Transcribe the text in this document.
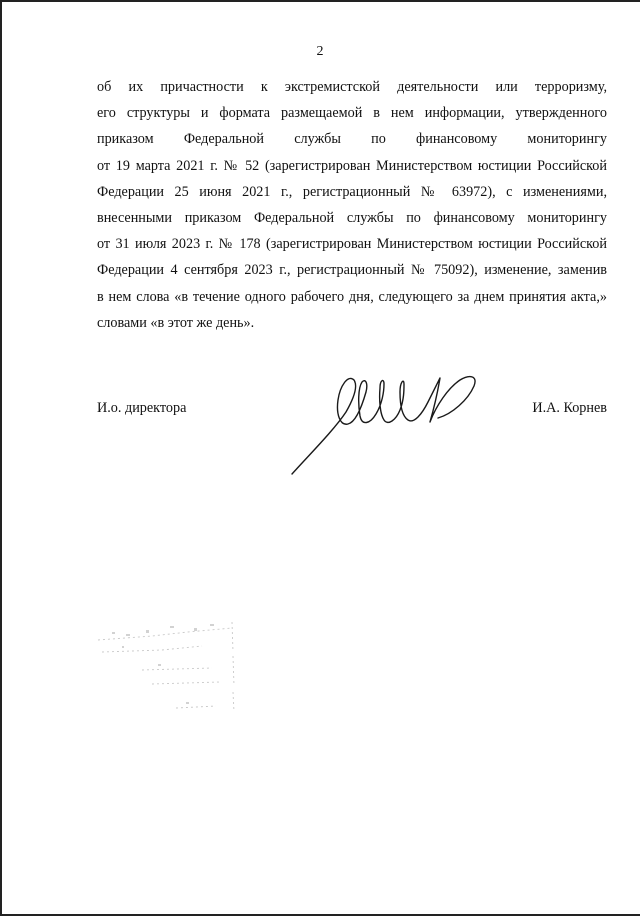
2
об их причастности к экстремистской деятельности или терроризму,
его структуры и формата размещаемой в нем информации, утвержденного
приказом Федеральной службы по финансовому мониторингу
от 19 марта 2021 г. № 52 (зарегистрирован Министерством юстиции Российской
Федерации 25 июня 2021 г., регистрационный № 63972), с изменениями,
внесенными приказом Федеральной службы по финансовому мониторингу
от 31 июля 2023 г. № 178 (зарегистрирован Министерством юстиции Российской
Федерации 4 сентября 2023 г., регистрационный № 75092), изменение, заменив
в нем слова «в течение одного рабочего дня, следующего за днем принятия акта,»
словами «в этот же день».
И.о. директора	И.А. Корнев
